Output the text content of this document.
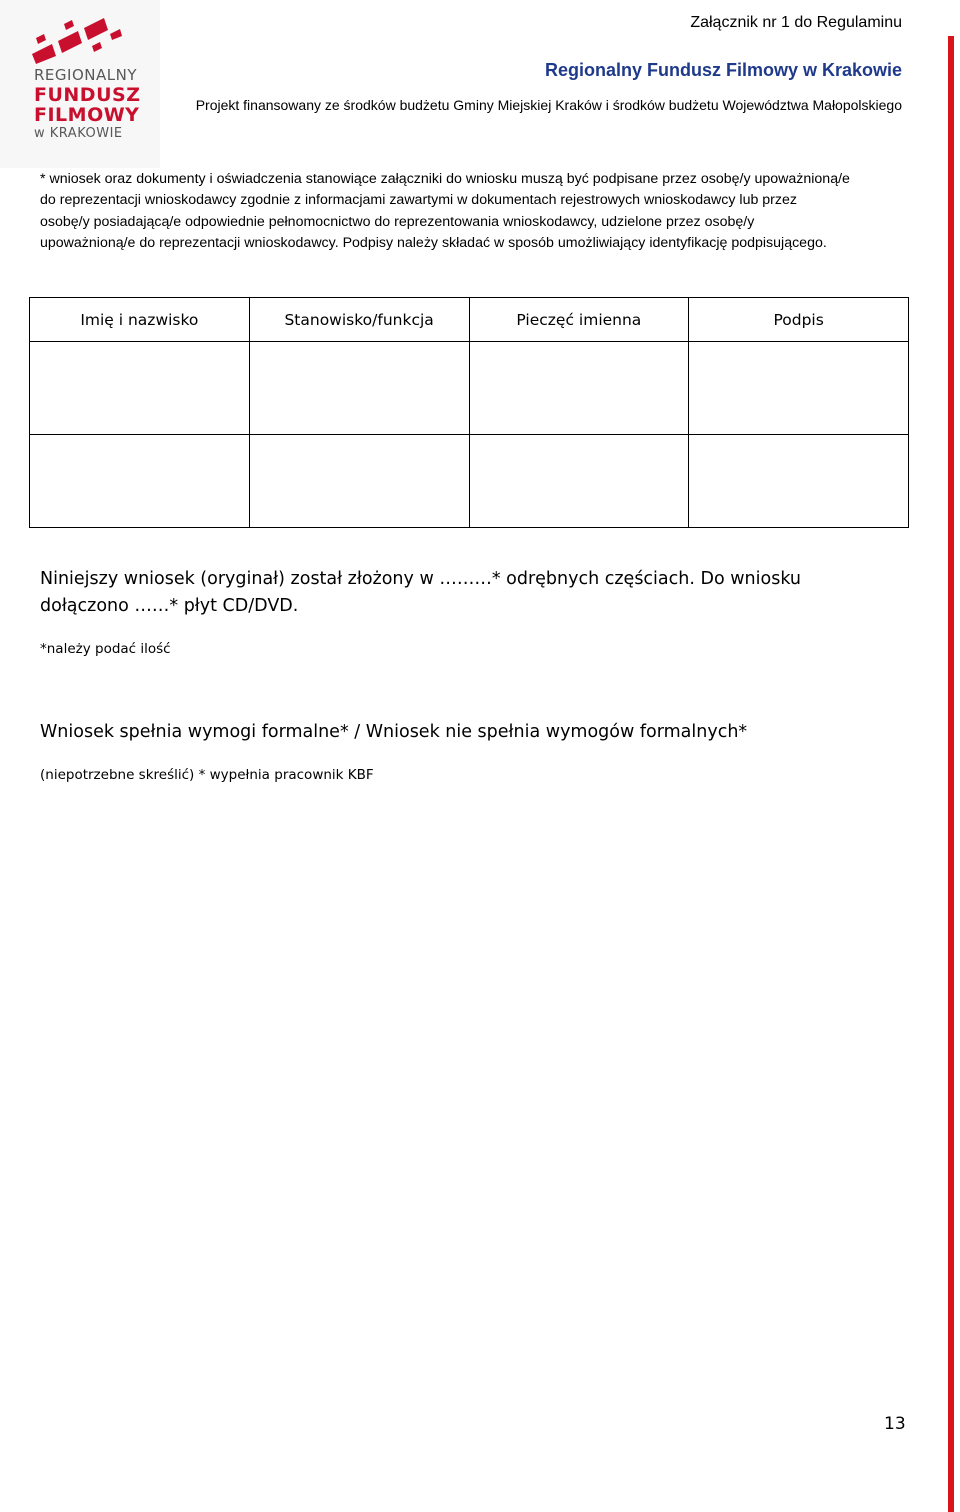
REGIONALNY
FUNDUSZ
FILMOWY
w KRAKOWIE
Załącznik nr 1 do Regulaminu
Regionalny Fundusz Filmowy w Krakowie
Projekt finansowany ze środków budżetu Gminy Miejskiej Kraków i środków budżetu Województwa Małopolskiego
* wniosek oraz dokumenty i oświadczenia stanowiące załączniki do wniosku muszą być podpisane przez osobę/y upoważnioną/e
do reprezentacji wnioskodawcy zgodnie z informacjami zawartymi w dokumentach rejestrowych wnioskodawcy lub przez
osobę/y posiadającą/e odpowiednie pełnomocnictwo do reprezentowania wnioskodawcy, udzielone przez osobę/y
upoważnioną/e do reprezentacji wnioskodawcy. Podpisy należy składać w sposób umożliwiający identyfikację podpisującego.
Imię i nazwisko	Stanowisko/funkcja	Pieczęć imienna	Podpis

Niniejszy wniosek (oryginał) został złożony w ………* odrębnych częściach. Do wniosku
dołączono ……* płyt CD/DVD.
*należy podać ilość
Wniosek spełnia wymogi formalne* / Wniosek nie spełnia wymogów formalnych*
(niepotrzebne skreślić) * wypełnia pracownik KBF
13
